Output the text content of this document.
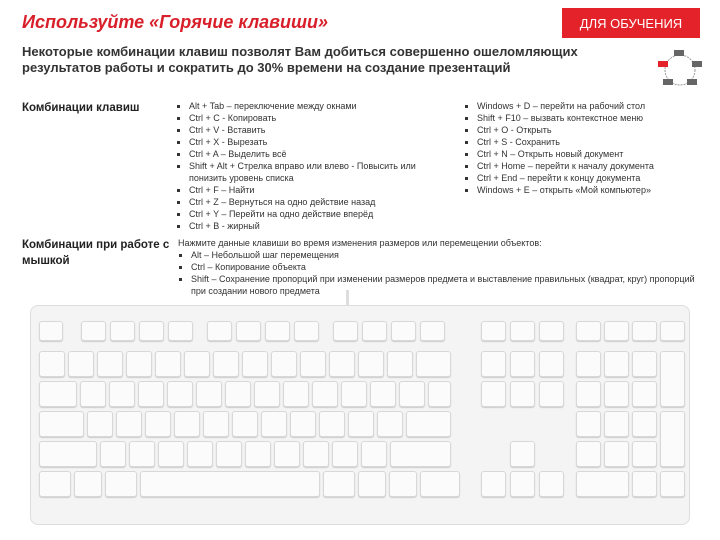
Используйте «Горячие клавиши»	ДЛЯ ОБУЧЕНИЯ
Некоторые комбинации клавиш позволят Вам добиться совершенно ошеломляющих результатов работы и сократить до 30% времени на создание презентаций
Комбинации клавиш	Alt + Tab – переключение между окнами
Ctrl + C - Копировать
Ctrl + V - Вставить
Ctrl + X - Вырезать
Ctrl + A – Выделить всё
Shift + Alt + Стрелка вправо или влево - Повысить или понизить уровень списка
Ctrl + F – Найти
Ctrl + Z – Вернуться на одно действие назад
Ctrl + Y – Перейти на одно действие вперёд
Ctrl + B - жирный
Windows + D – перейти на рабочий стол
Shift + F10 – вызвать контекстное меню
Ctrl + O - Открыть
Ctrl + S - Сохранить
Ctrl + N – Открыть новый документ
Ctrl + Home – перейти к началу документа
Ctrl + End – перейти к концу документа
Windows + E – открыть «Мой компьютер»
Комбинации при работе с мышкой
Нажмите данные клавиши во время изменения размеров или перемещении объектов:
Alt – Небольшой шаг перемещения
Ctrl – Копирование объекта
Shift – Сохранение пропорций при изменении размеров предмета и выставление правильных (квадрат, круг) пропорций при создании нового предмета
